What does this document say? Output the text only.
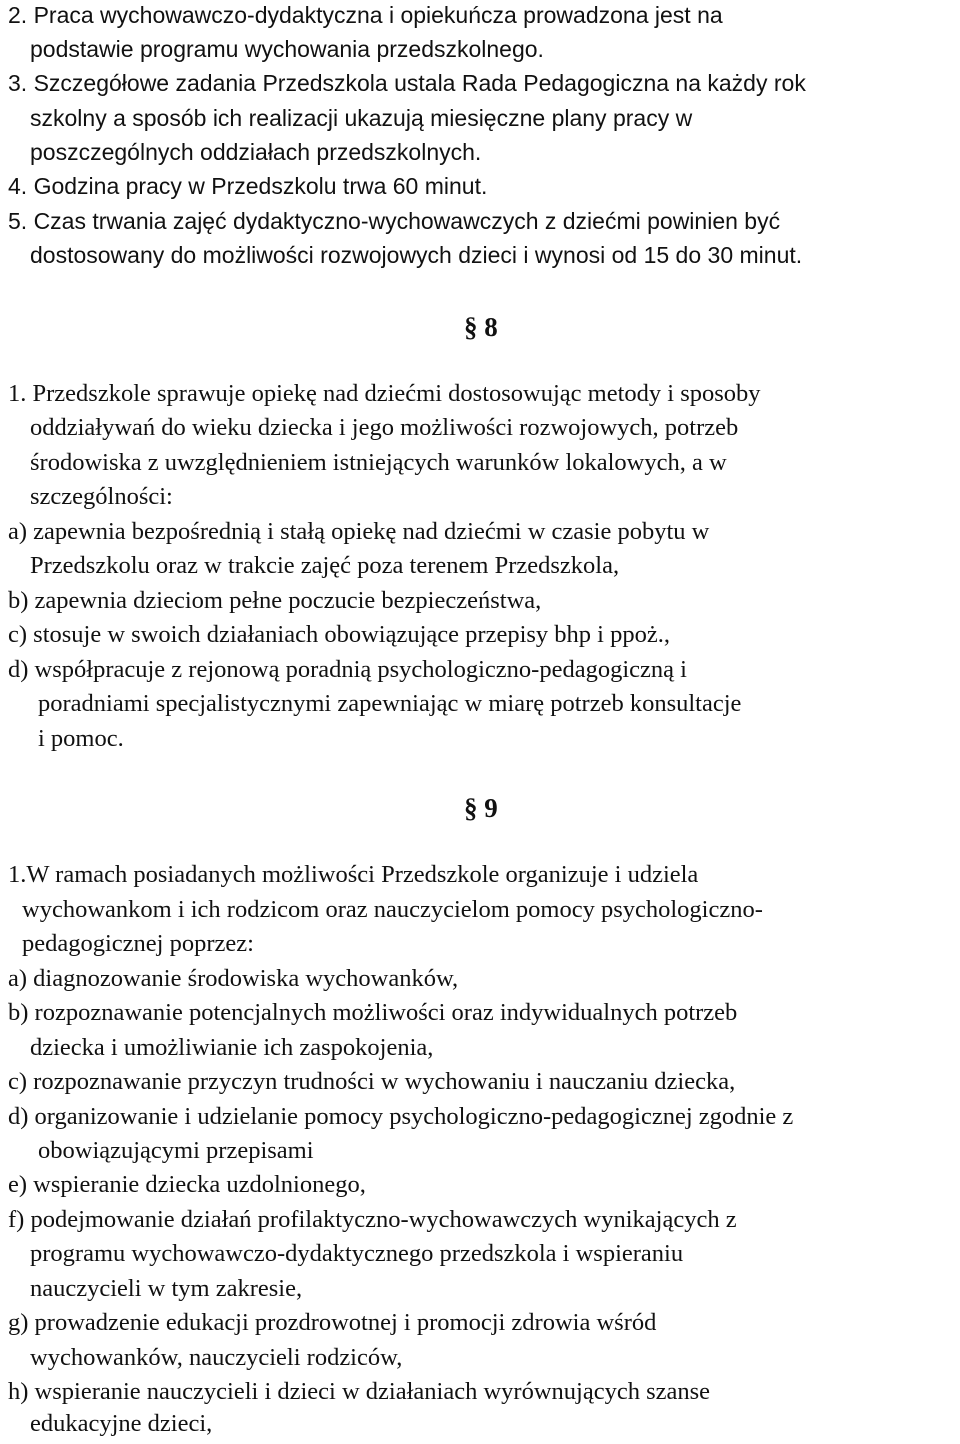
2. Praca wychowawczo-dydaktyczna i opiekuńcza prowadzona jest na
podstawie programu wychowania przedszkolnego.
3. Szczegółowe zadania Przedszkola ustala Rada Pedagogiczna na każdy rok
szkolny a sposób ich realizacji ukazują miesięczne plany pracy w
poszczególnych oddziałach przedszkolnych.
4. Godzina pracy w Przedszkolu trwa 60 minut.
5. Czas trwania zajęć dydaktyczno-wychowawczych z dziećmi powinien być
dostosowany do możliwości rozwojowych dzieci i wynosi od 15 do 30 minut.
§ 8
1. Przedszkole sprawuje opiekę nad dziećmi dostosowując metody i sposoby
oddziaływań do wieku dziecka i jego możliwości rozwojowych, potrzeb
środowiska z uwzględnieniem istniejących warunków lokalowych, a w
szczególności:
a) zapewnia bezpośrednią i stałą opiekę nad dziećmi w czasie pobytu w
Przedszkolu oraz w trakcie zajęć poza terenem Przedszkola,
b) zapewnia dzieciom pełne poczucie bezpieczeństwa,
c) stosuje w swoich działaniach obowiązujące przepisy bhp i ppoż.,
d) współpracuje z rejonową poradnią psychologiczno-pedagogiczną i
poradniami specjalistycznymi zapewniając w miarę potrzeb konsultacje
i pomoc.
§ 9
1.W ramach posiadanych możliwości Przedszkole organizuje i udziela
wychowankom i ich rodzicom oraz nauczycielom pomocy psychologiczno-
pedagogicznej poprzez:
a) diagnozowanie środowiska wychowanków,
b) rozpoznawanie potencjalnych możliwości oraz indywidualnych potrzeb
dziecka i umożliwianie ich zaspokojenia,
c) rozpoznawanie przyczyn trudności w wychowaniu i nauczaniu dziecka,
d) organizowanie i udzielanie pomocy psychologiczno-pedagogicznej zgodnie z
obowiązującymi przepisami
e) wspieranie dziecka uzdolnionego,
f) podejmowanie działań profilaktyczno-wychowawczych wynikających z
programu wychowawczo-dydaktycznego przedszkola i wspieraniu
nauczycieli w tym zakresie,
g) prowadzenie edukacji prozdrowotnej i promocji zdrowia wśród
wychowanków, nauczycieli rodziców,
h) wspieranie nauczycieli i dzieci w działaniach wyrównujących szanse
edukacyjne dzieci,
